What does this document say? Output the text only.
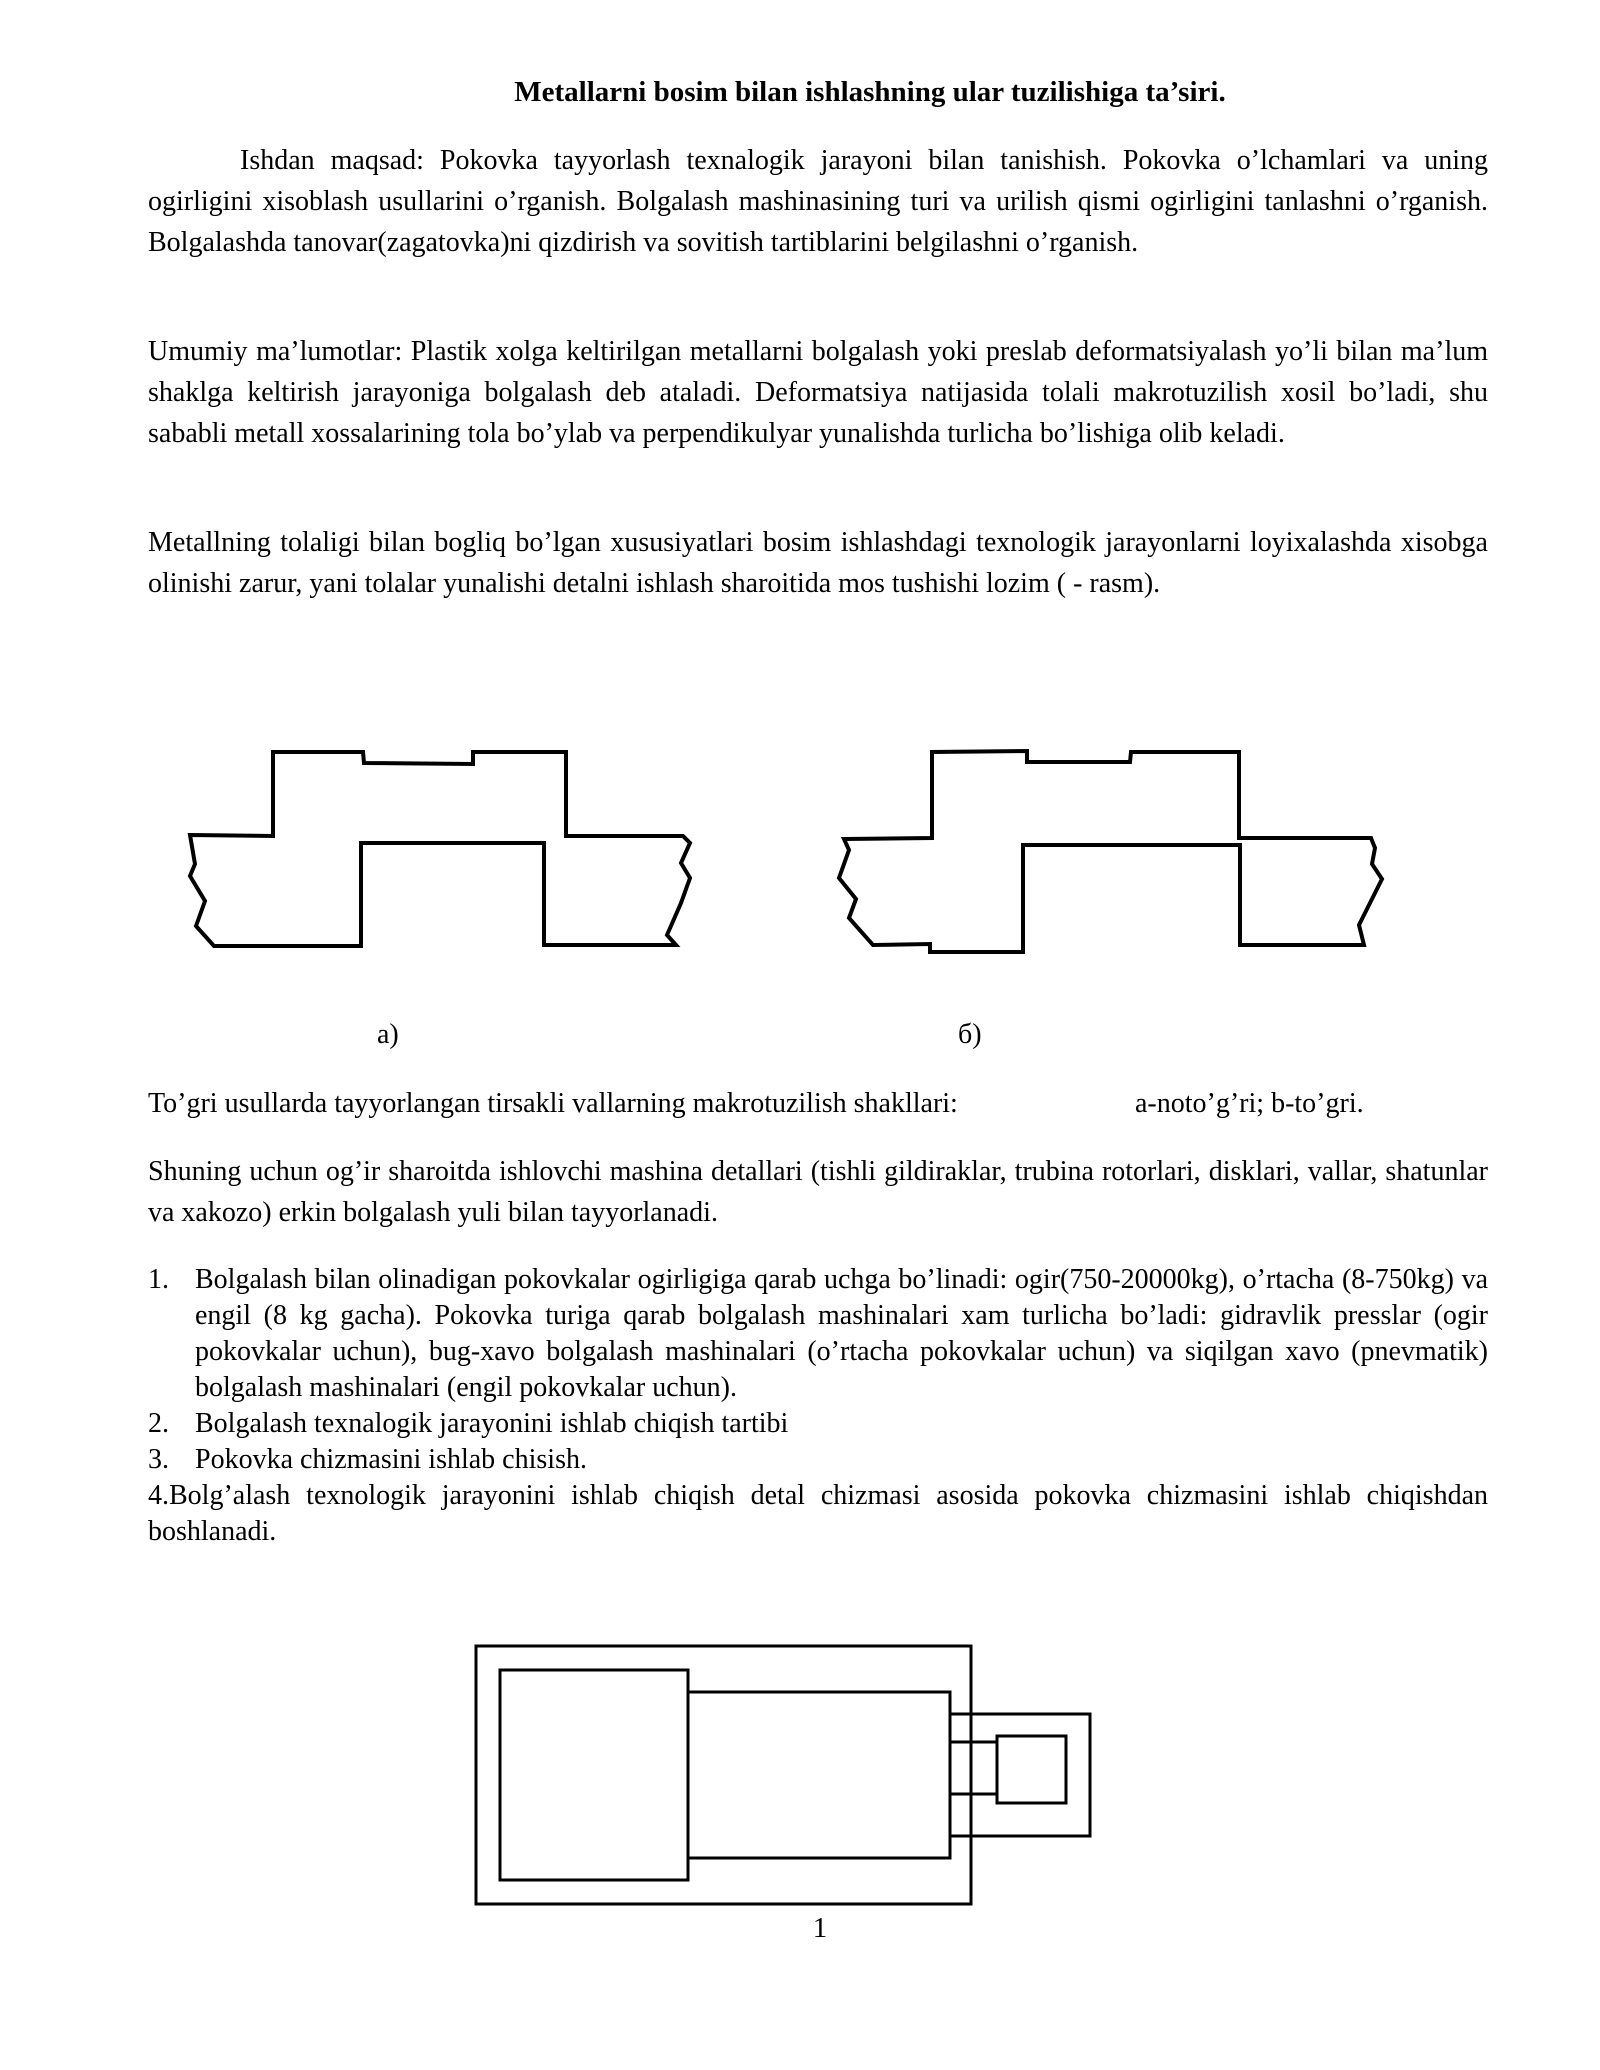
Metallarni bosim bilan ishlashning ular tuzilishiga ta’siri.

Ishdan maqsad: Pokovka tayyorlash texnalogik jarayoni bilan tanishish. Pokovka o’lchamlari va uning ogirligini xisoblash usullarini o’rganish. Bolgalash mashinasining turi va urilish qismi ogirligini tanlashni o’rganish. Bolgalashda tanovar(zagatovka)ni qizdirish va sovitish tartiblarini belgilashni o’rganish.

Umumiy ma’lumotlar: Plastik xolga keltirilgan metallarni bolgalash yoki preslab deformatsiyalash yo’li bilan ma’lum shaklga keltirish jarayoniga bolgalash deb ataladi. Deformatsiya natijasida tolali makrotuzilish xosil bo’ladi, shu sababli metall xossalarining tola bo’ylab va perpendikulyar yunalishda turlicha bo’lishiga olib keladi.

Metallning tolaligi bilan bogliq bo’lgan xususiyatlari bosim ishlashdagi texnologik jarayonlarni loyixalashda xisobga olinishi zarur, yani tolalar yunalishi detalni ishlash sharoitida mos tushishi lozim ( - rasm).

а)	б)
To’gri usullarda tayyorlangan tirsakli vallarning makrotuzilish shakllari:	a-noto’g’ri; b-to’gri.

Shuning uchun og’ir sharoitda ishlovchi mashina detallari (tishli gildiraklar, trubina rotorlari, disklari, vallar, shatunlar va xakozo) erkin bolgalash yuli bilan tayyorlanadi.

1. Bolgalash bilan olinadigan pokovkalar ogirligiga qarab uchga bo’linadi: ogir(750-20000kg), o’rtacha (8-750kg) va engil (8 kg gacha). Pokovka turiga qarab bolgalash mashinalari xam turlicha bo’ladi: gidravlik presslar (ogir pokovkalar uchun), bug-xavo bolgalash mashinalari (o’rtacha pokovkalar uchun) va siqilgan xavo (pnevmatik) bolgalash mashinalari (engil pokovkalar uchun).
2. Bolgalash texnalogik jarayonini ishlab chiqish tartibi
3. Pokovka chizmasini ishlab chisish.
4.Bolg’alash texnologik jarayonini ishlab chiqish detal chizmasi asosida pokovka chizmasini ishlab chiqishdan boshlanadi.
1
